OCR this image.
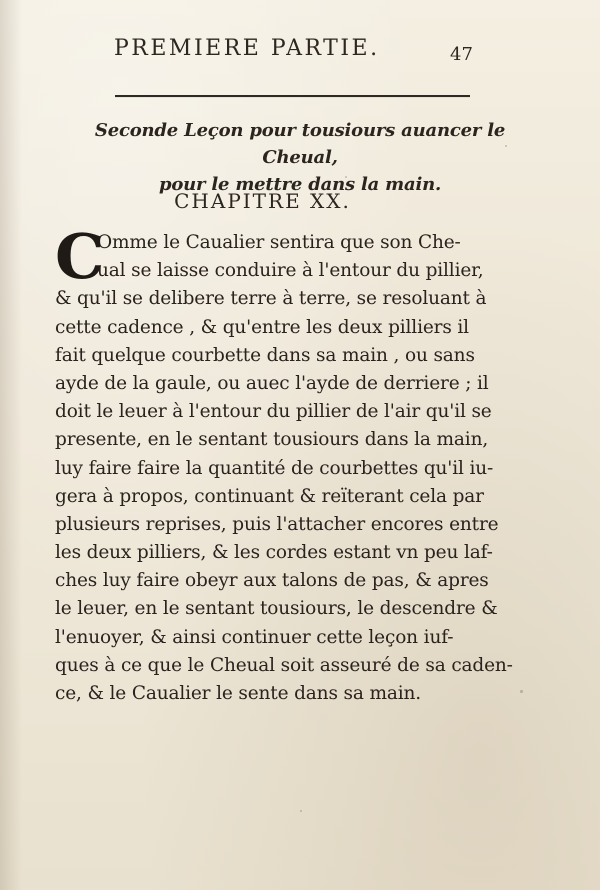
PREMIERE PARTIE.	47
Seconde Leçon pour tousiours auancer le Cheual,
pour le mettre dans la main.
CHAPITRE XX.
C
Omme le Caualier sentira que son Che-
ual se laisse conduire à l'entour du pillier,
& qu'il se delibere terre à terre, se resoluant à
cette cadence , & qu'entre les deux pilliers il
fait quelque courbette dans sa main , ou sans
ayde de la gaule, ou auec l'ayde de derriere ; il
doit le leuer à l'entour du pillier de l'air qu'il se
presente, en le sentant tousiours dans la main,
luy faire faire la quantité de courbettes qu'il iu-
gera à propos, continuant & reïterant cela par
plusieurs reprises, puis l'attacher encores entre
les deux pilliers, & les cordes estant vn peu laf-
ches luy faire obeyr aux talons de pas, & apres
le leuer, en le sentant tousiours, le descendre &
l'enuoyer, & ainsi continuer cette leçon iuf-
ques à ce que le Cheual soit asseuré de sa caden-
ce, & le Caualier le sente dans sa main.
